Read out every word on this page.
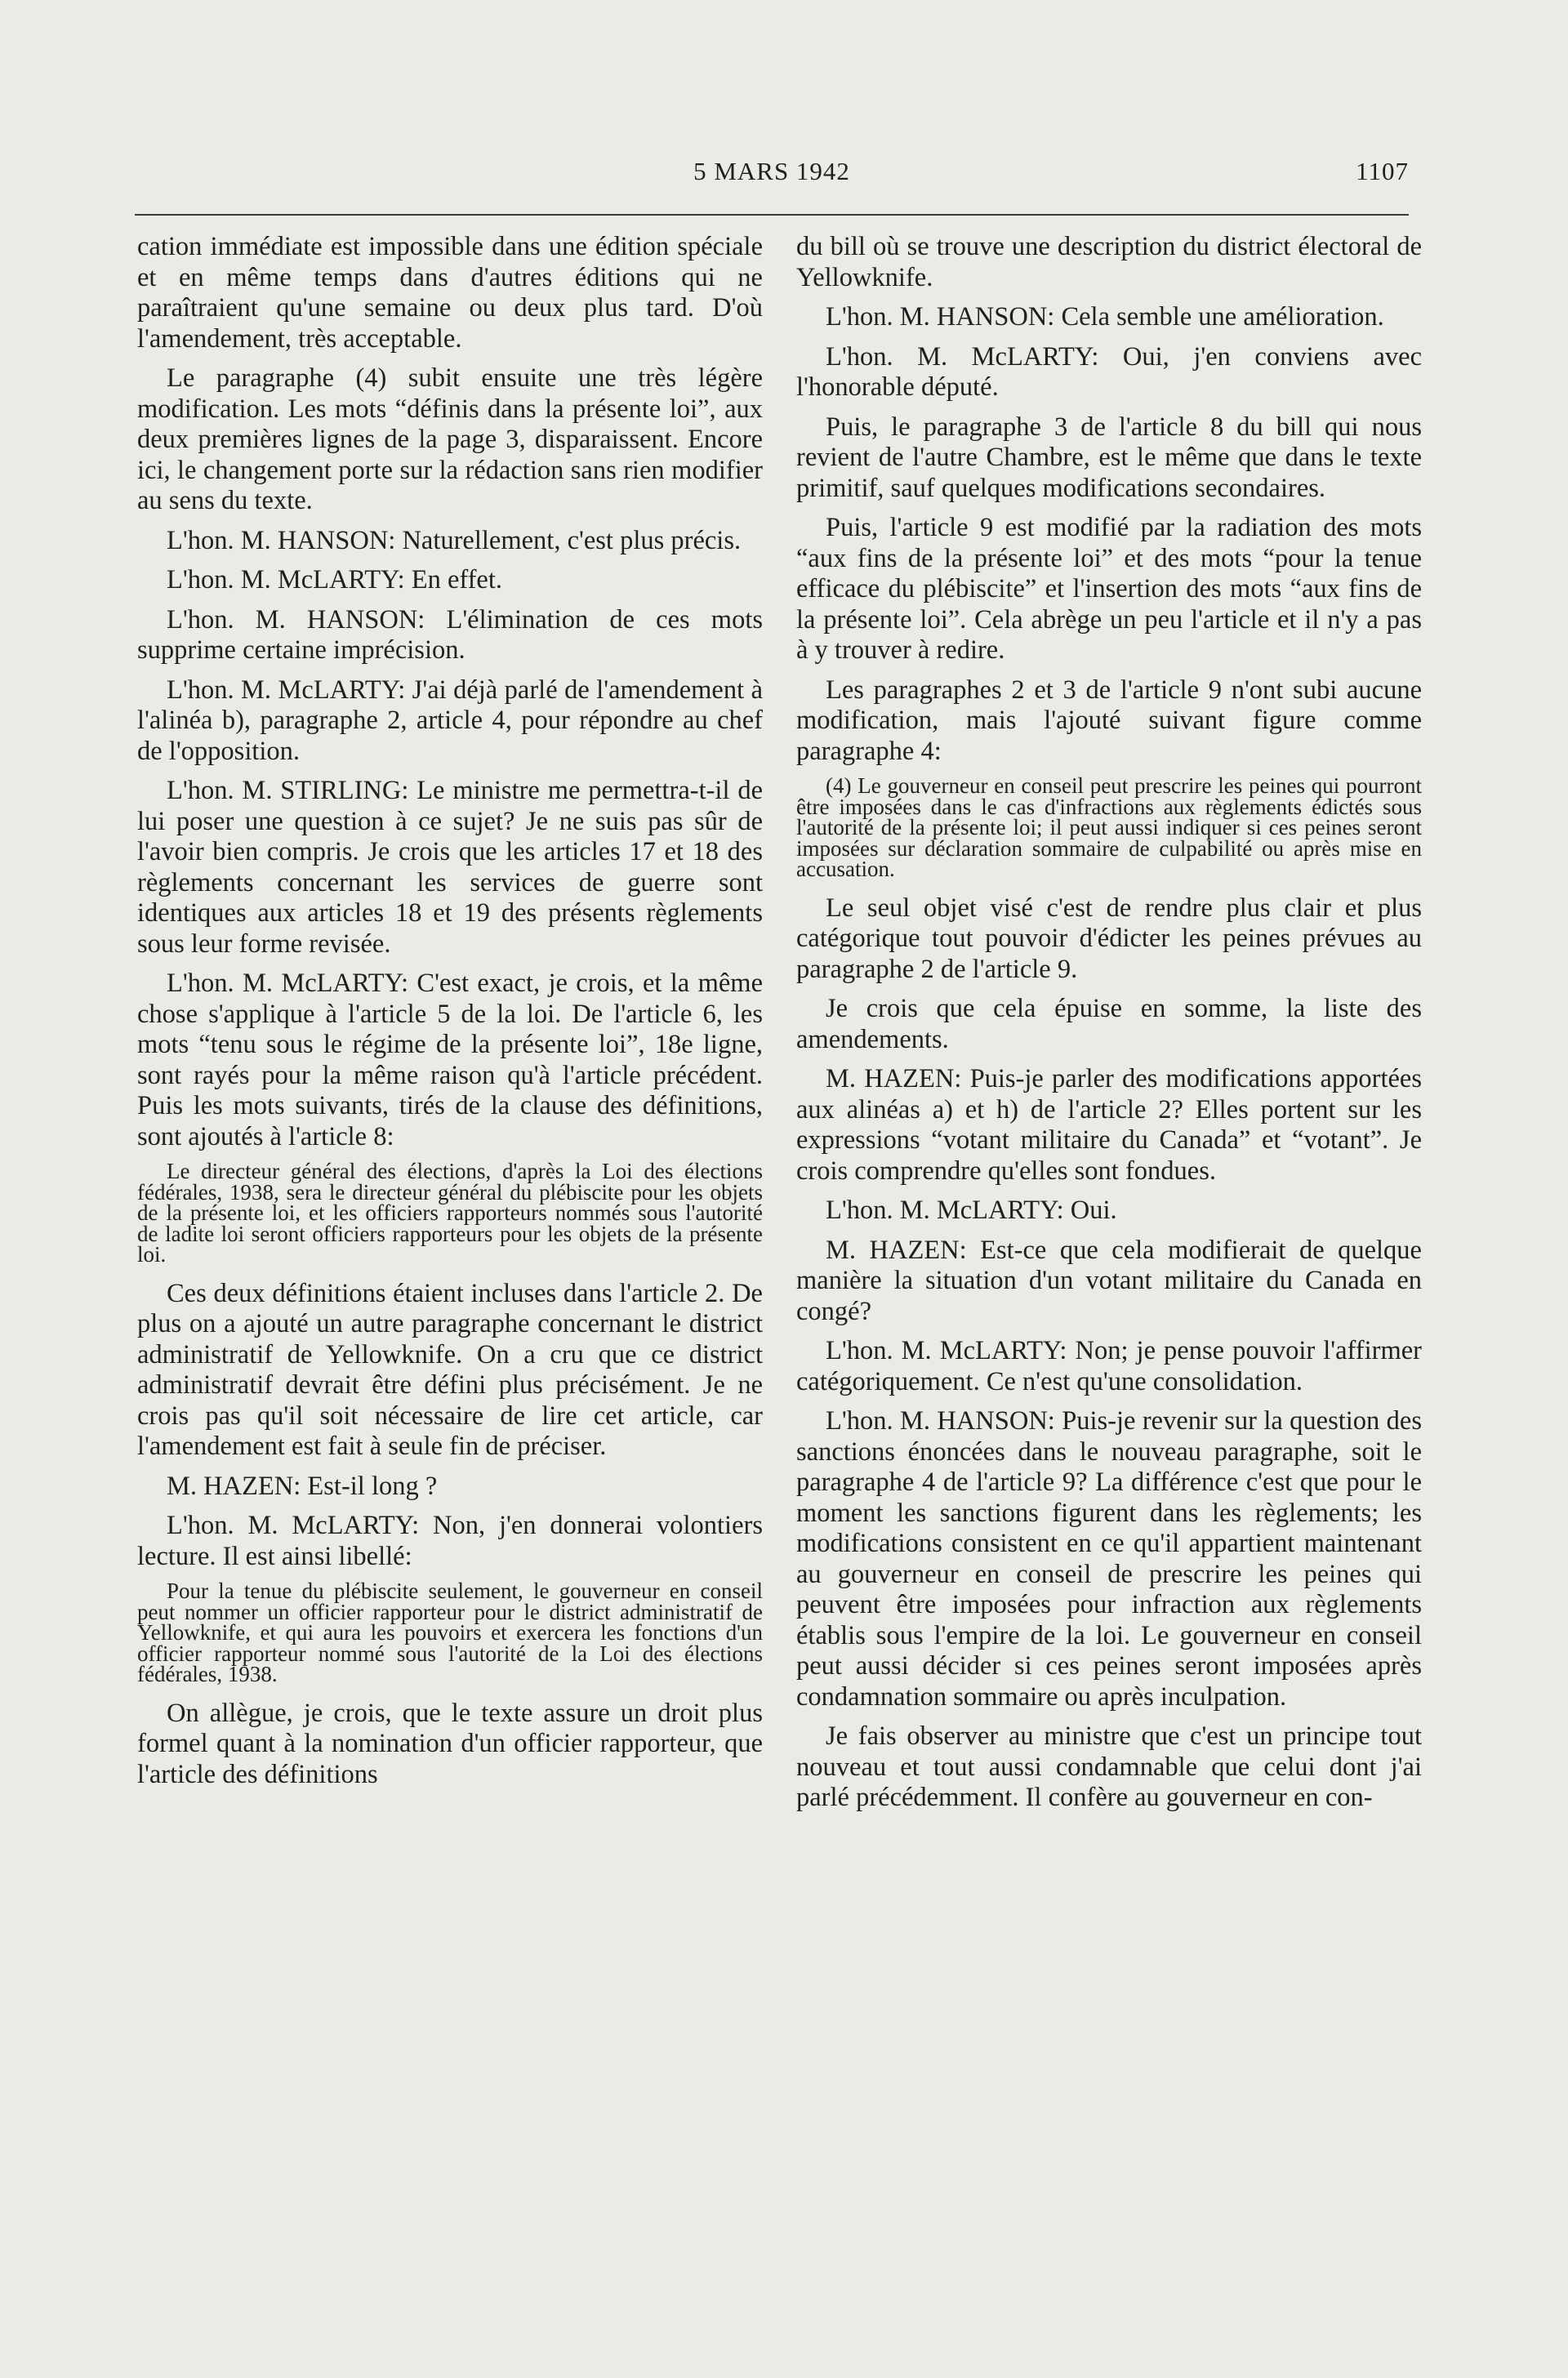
5 MARS 1942	1107

cation immédiate est impossible dans une édition spéciale et en même temps dans d'autres éditions qui ne paraîtraient qu'une semaine ou deux plus tard. D'où l'amendement, très acceptable.

Le paragraphe (4) subit ensuite une très légère modification. Les mots “définis dans la présente loi”, aux deux premières lignes de la page 3, disparaissent. Encore ici, le changement porte sur la rédaction sans rien modifier au sens du texte.

L'hon. M. HANSON: Naturellement, c'est plus précis.

L'hon. M. McLARTY: En effet.

L'hon. M. HANSON: L'élimination de ces mots supprime certaine imprécision.

L'hon. M. McLARTY: J'ai déjà parlé de l'amendement à l'alinéa b), paragraphe 2, article 4, pour répondre au chef de l'opposition.

L'hon. M. STIRLING: Le ministre me permettra-t-il de lui poser une question à ce sujet? Je ne suis pas sûr de l'avoir bien compris. Je crois que les articles 17 et 18 des règlements concernant les services de guerre sont identiques aux articles 18 et 19 des présents règlements sous leur forme revisée.

L'hon. M. McLARTY: C'est exact, je crois, et la même chose s'applique à l'article 5 de la loi. De l'article 6, les mots “tenu sous le régime de la présente loi”, 18e ligne, sont rayés pour la même raison qu'à l'article précédent. Puis les mots suivants, tirés de la clause des définitions, sont ajoutés à l'article 8:

Le directeur général des élections, d'après la Loi des élections fédérales, 1938, sera le directeur général du plébiscite pour les objets de la présente loi, et les officiers rapporteurs nommés sous l'autorité de ladite loi seront officiers rapporteurs pour les objets de la présente loi.

Ces deux définitions étaient incluses dans l'article 2. De plus on a ajouté un autre paragraphe concernant le district administratif de Yellowknife. On a cru que ce district administratif devrait être défini plus précisément. Je ne crois pas qu'il soit nécessaire de lire cet article, car l'amendement est fait à seule fin de préciser.

M. HAZEN: Est-il long ?

L'hon. M. McLARTY: Non, j'en donnerai volontiers lecture. Il est ainsi libellé:

Pour la tenue du plébiscite seulement, le gouverneur en conseil peut nommer un officier rapporteur pour le district administratif de Yellowknife, et qui aura les pouvoirs et exercera les fonctions d'un officier rapporteur nommé sous l'autorité de la Loi des élections fédérales, 1938.

On allègue, je crois, que le texte assure un droit plus formel quant à la nomination d'un officier rapporteur, que l'article des définitions

du bill où se trouve une description du district électoral de Yellowknife.

L'hon. M. HANSON: Cela semble une amélioration.

L'hon. M. McLARTY: Oui, j'en conviens avec l'honorable député.

Puis, le paragraphe 3 de l'article 8 du bill qui nous revient de l'autre Chambre, est le même que dans le texte primitif, sauf quelques modifications secondaires.

Puis, l'article 9 est modifié par la radiation des mots “aux fins de la présente loi” et des mots “pour la tenue efficace du plébiscite” et l'insertion des mots “aux fins de la présente loi”. Cela abrège un peu l'article et il n'y a pas à y trouver à redire.

Les paragraphes 2 et 3 de l'article 9 n'ont subi aucune modification, mais l'ajouté suivant figure comme paragraphe 4:

(4) Le gouverneur en conseil peut prescrire les peines qui pourront être imposées dans le cas d'infractions aux règlements édictés sous l'autorité de la présente loi; il peut aussi indiquer si ces peines seront imposées sur déclaration sommaire de culpabilité ou après mise en accusation.

Le seul objet visé c'est de rendre plus clair et plus catégorique tout pouvoir d'édicter les peines prévues au paragraphe 2 de l'article 9.

Je crois que cela épuise en somme, la liste des amendements.

M. HAZEN: Puis-je parler des modifications apportées aux alinéas a) et h) de l'article 2? Elles portent sur les expressions “votant militaire du Canada” et “votant”. Je crois comprendre qu'elles sont fondues.

L'hon. M. McLARTY: Oui.

M. HAZEN: Est-ce que cela modifierait de quelque manière la situation d'un votant militaire du Canada en congé?

L'hon. M. McLARTY: Non; je pense pouvoir l'affirmer catégoriquement. Ce n'est qu'une consolidation.

L'hon. M. HANSON: Puis-je revenir sur la question des sanctions énoncées dans le nouveau paragraphe, soit le paragraphe 4 de l'article 9? La différence c'est que pour le moment les sanctions figurent dans les règlements; les modifications consistent en ce qu'il appartient maintenant au gouverneur en conseil de prescrire les peines qui peuvent être imposées pour infraction aux règlements établis sous l'empire de la loi. Le gouverneur en conseil peut aussi décider si ces peines seront imposées après condamnation sommaire ou après inculpation.

Je fais observer au ministre que c'est un principe tout nouveau et tout aussi condamnable que celui dont j'ai parlé précédemment. Il confère au gouverneur en con-
